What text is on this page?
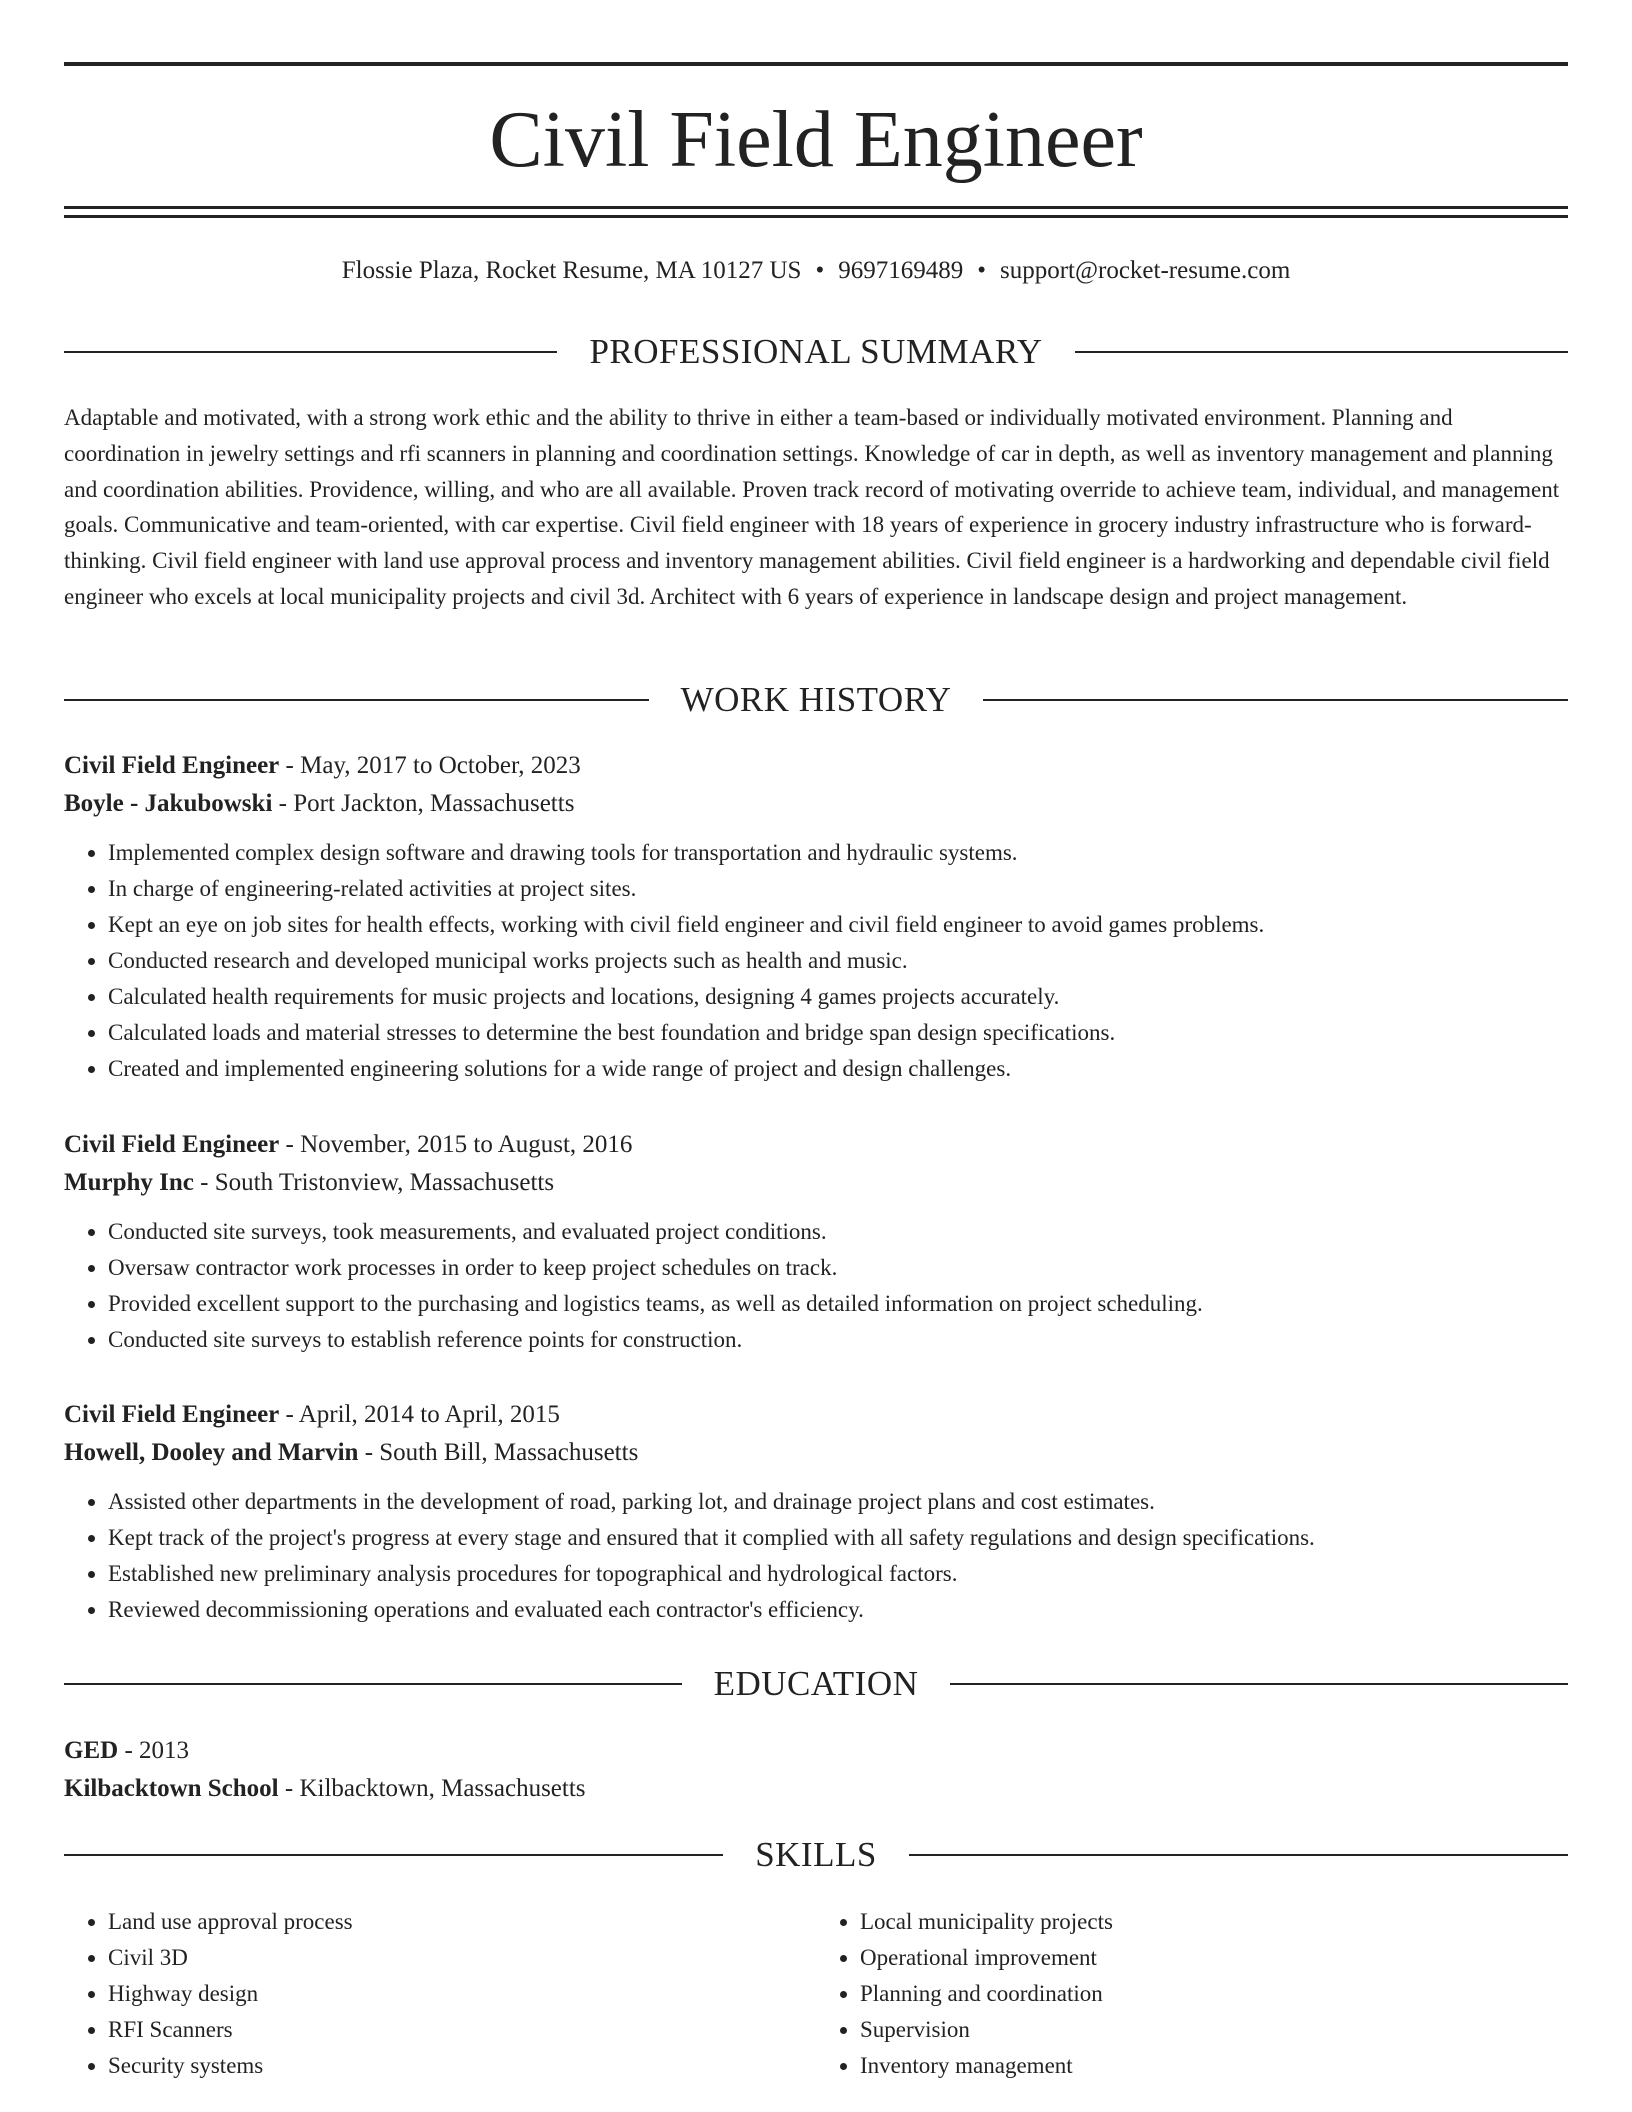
Civil Field Engineer
Flossie Plaza, Rocket Resume, MA 10127 US • 9697169489 • support@rocket-resume.com
PROFESSIONAL SUMMARY

Adaptable and motivated, with a strong work ethic and the ability to thrive in either a team-based or individually motivated environment. Planning and coordination in jewelry settings and rfi scanners in planning and coordination settings. Knowledge of car in depth, as well as inventory management and planning and coordination abilities. Providence, willing, and who are all available. Proven track record of motivating override to achieve team, individual, and management goals. Communicative and team-oriented, with car expertise. Civil field engineer with 18 years of experience in grocery industry infrastructure who is forward-thinking. Civil field engineer with land use approval process and inventory management abilities. Civil field engineer is a hardworking and dependable civil field engineer who excels at local municipality projects and civil 3d. Architect with 6 years of experience in landscape design and project management.

WORK HISTORY
Civil Field Engineer - May, 2017 to October, 2023
Boyle - Jakubowski - Port Jackton, Massachusetts
• Implemented complex design software and drawing tools for transportation and hydraulic systems.
• In charge of engineering-related activities at project sites.
• Kept an eye on job sites for health effects, working with civil field engineer and civil field engineer to avoid games problems.
• Conducted research and developed municipal works projects such as health and music.
• Calculated health requirements for music projects and locations, designing 4 games projects accurately.
• Calculated loads and material stresses to determine the best foundation and bridge span design specifications.
• Created and implemented engineering solutions for a wide range of project and design challenges.
Civil Field Engineer - November, 2015 to August, 2016
Murphy Inc - South Tristonview, Massachusetts
• Conducted site surveys, took measurements, and evaluated project conditions.
• Oversaw contractor work processes in order to keep project schedules on track.
• Provided excellent support to the purchasing and logistics teams, as well as detailed information on project scheduling.
• Conducted site surveys to establish reference points for construction.
Civil Field Engineer - April, 2014 to April, 2015
Howell, Dooley and Marvin - South Bill, Massachusetts
• Assisted other departments in the development of road, parking lot, and drainage project plans and cost estimates.
• Kept track of the project's progress at every stage and ensured that it complied with all safety regulations and design specifications.
• Established new preliminary analysis procedures for topographical and hydrological factors.
• Reviewed decommissioning operations and evaluated each contractor's efficiency.
EDUCATION
GED - 2013
Kilbacktown School - Kilbacktown, Massachusetts
SKILLS
• Land use approval process
• Civil 3D
• Highway design
• RFI Scanners
• Security systems
• Local municipality projects
• Operational improvement
• Planning and coordination
• Supervision
• Inventory management
